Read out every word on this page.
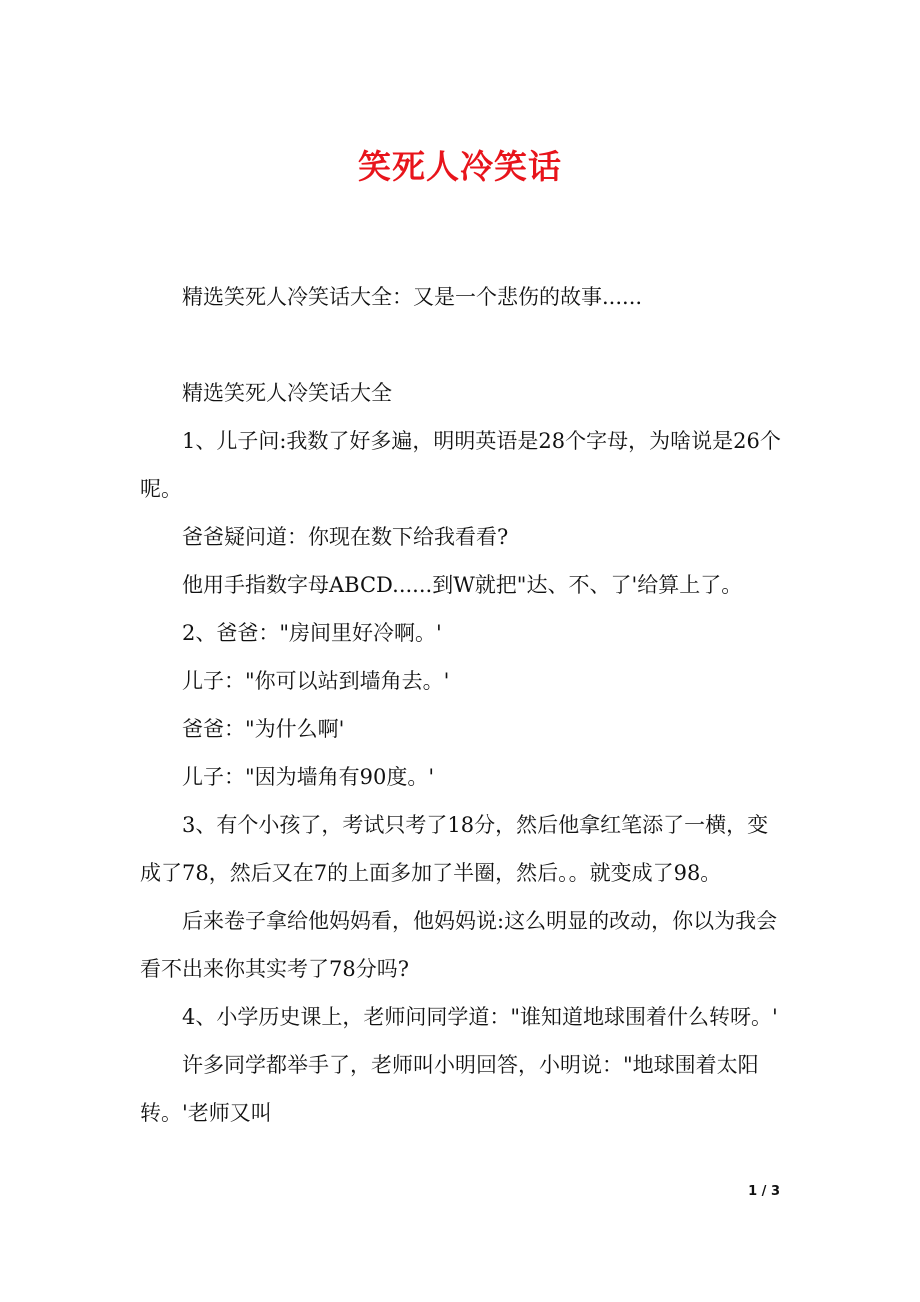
笑死人冷笑话

精选笑死人冷笑话大全：又是一个悲伤的故事......

精选笑死人冷笑话大全

1、儿子问:我数了好多遍，明明英语是28个字母，为啥说是26个呢。

爸爸疑问道：你现在数下给我看看?

他用手指数字母ABCD......到W就把"达、不、了'给算上了。

2、爸爸："房间里好冷啊。'

儿子："你可以站到墙角去。'

爸爸："为什么啊'

儿子："因为墙角有90度。'

3、有个小孩了，考试只考了18分，然后他拿红笔添了一横，变成了78，然后又在7的上面多加了半圈，然后。。就变成了98。

后来卷子拿给他妈妈看，他妈妈说:这么明显的改动，你以为我会看不出来你其实考了78分吗?

4、小学历史课上，老师问同学道："谁知道地球围着什么转呀。'

许多同学都举手了，老师叫小明回答，小明说："地球围着太阳转。'老师又叫

1 / 3
